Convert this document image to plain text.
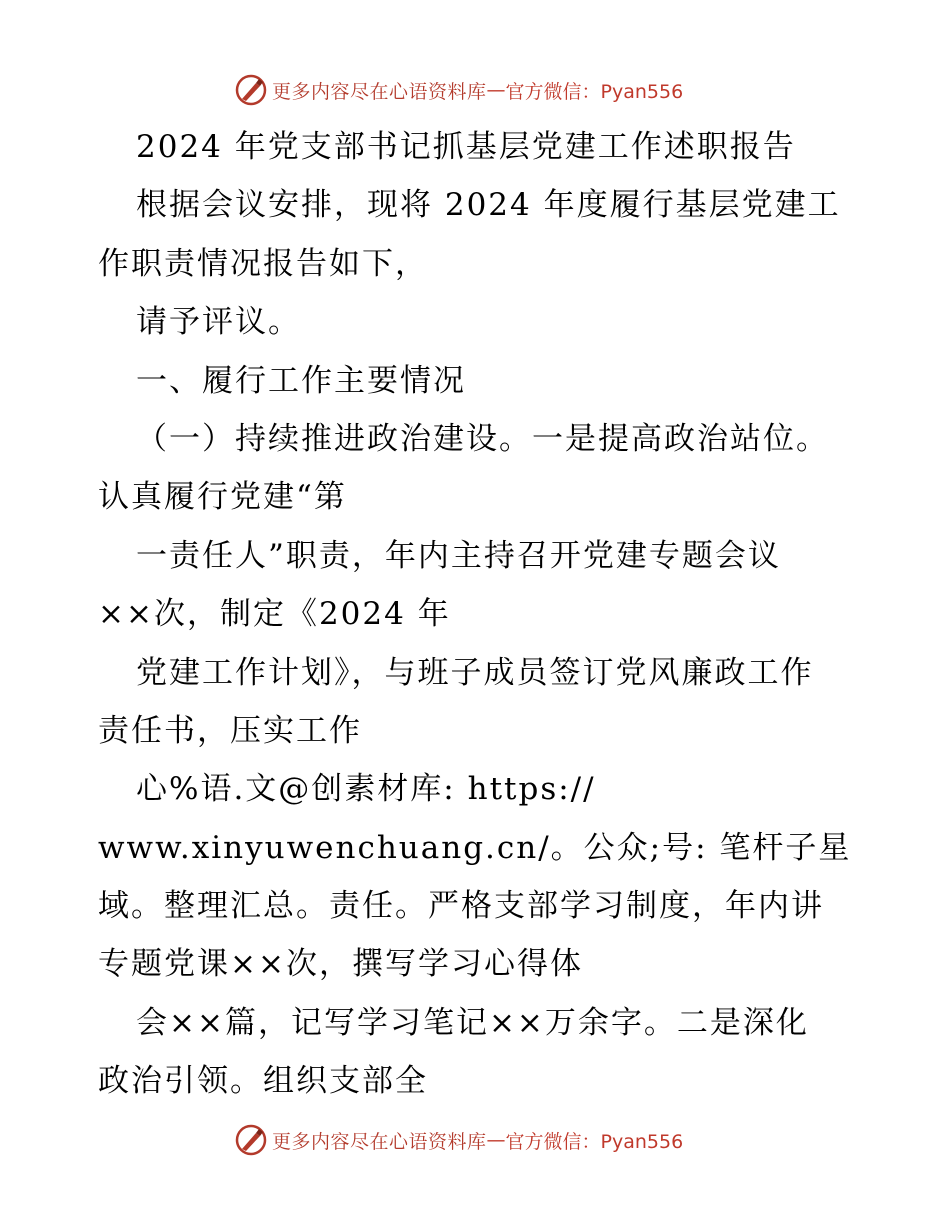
更多内容尽在心语资料库 — 官方微信：Pyan556
2024 年党支部书记抓基层党建工作述职报告
根据会议安排，现将 2024 年度履行基层党建工
作职责情况报告如下，
请予评议。
一、履行工作主要情况
（一）持续推进政治建设。一是提高政治站位。
认真履行党建“第
一责任人”职责，年内主持召开党建专题会议
××次，制定《2024 年
党建工作计划》，与班子成员签订党风廉政工作
责任书，压实工作
心%语.文@创素材库: https://
www.xinyuwenchuang.cn/。公众;号: 笔杆子星
域。整理汇总。责任。严格支部学习制度，年内讲
专题党课××次，撰写学习心得体
会××篇，记写学习笔记××万余字。二是深化
政治引领。组织支部全
更多内容尽在心语资料库 — 官方微信：Pyan556
